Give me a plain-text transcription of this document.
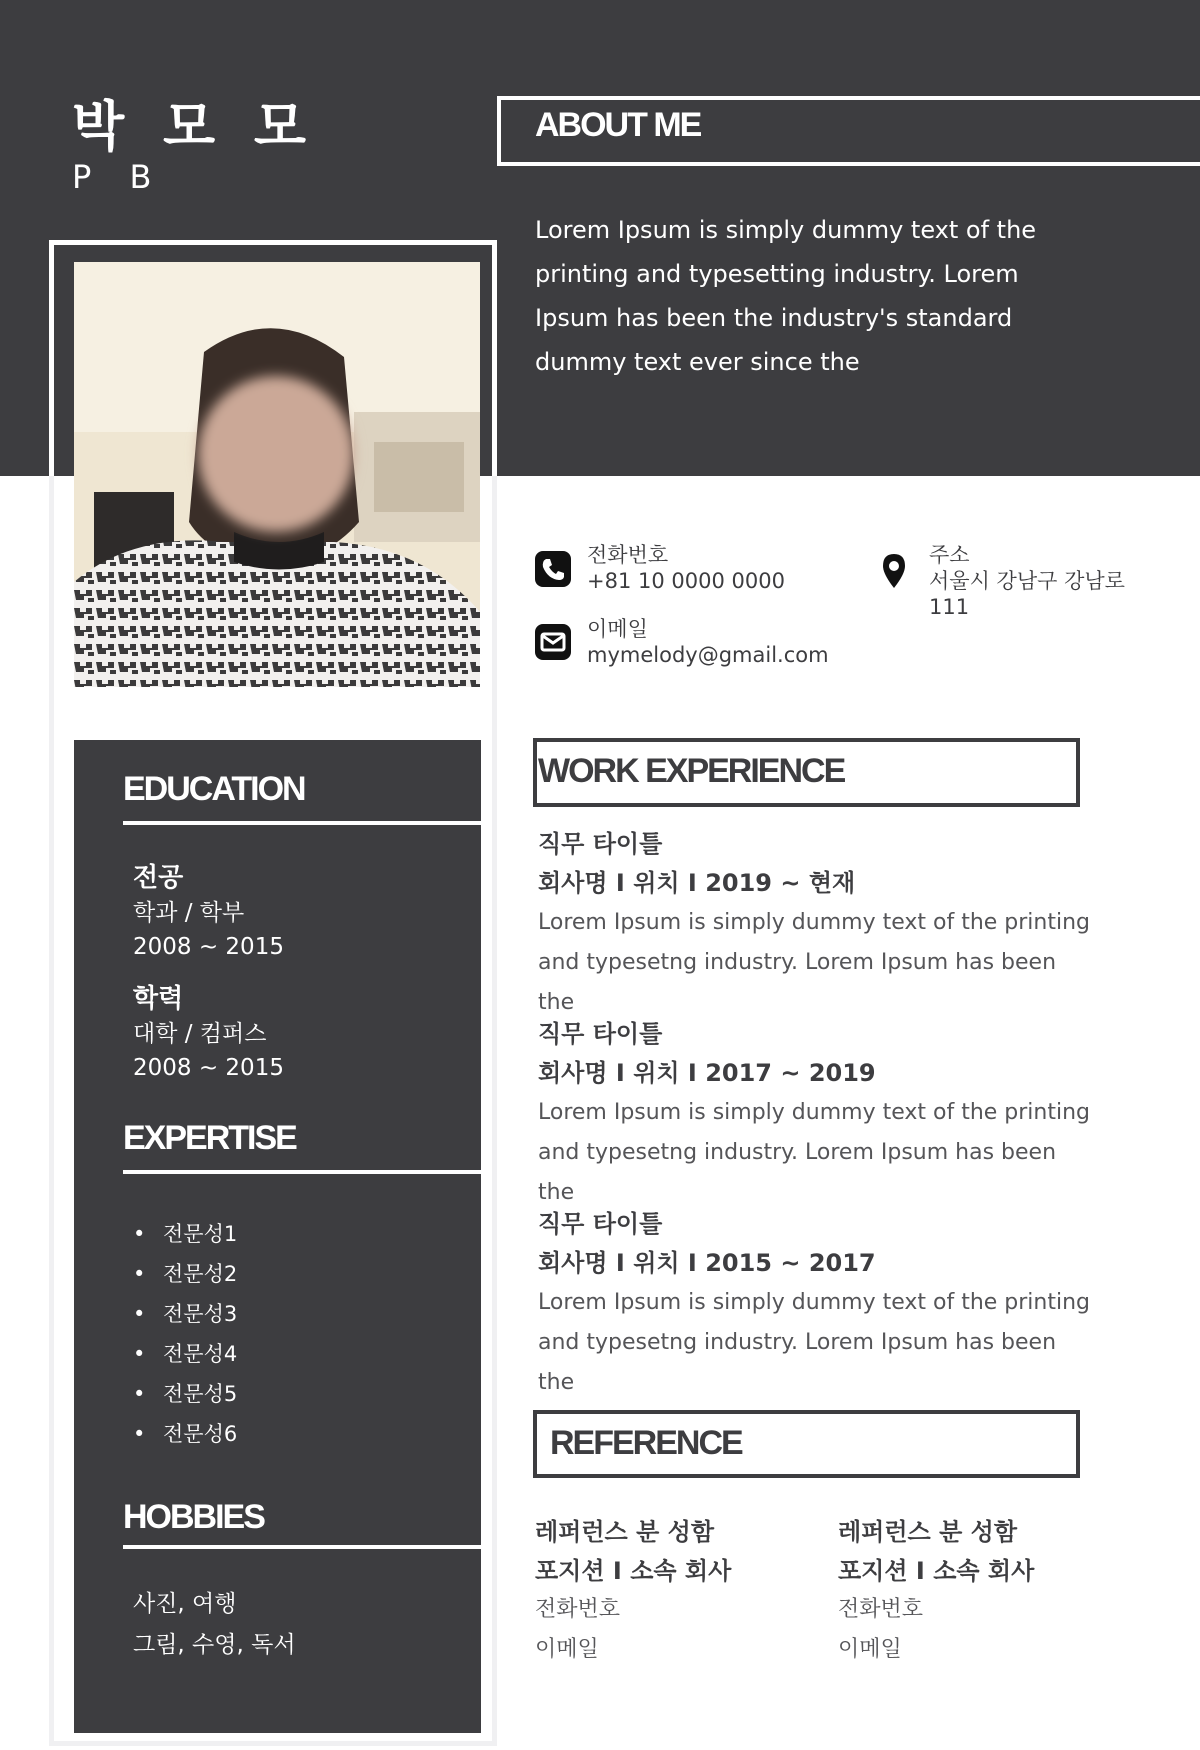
박 모 모
P B
ABOUT ME
Lorem Ipsum is simply dummy text of the printing and typesetting industry. Lorem Ipsum has been the industry's standard dummy text ever since the
EDUCATION

전공

학과 / 학부
2008 ~ 2015

학력

대학 / 컴퍼스
2008 ~ 2015
EXPERTISE
• 전문성1
• 전문성2
• 전문성3
• 전문성4
• 전문성5
• 전문성6
HOBBIES
사진, 여행
그림, 수영, 독서
전화번호
+81 10 0000 0000
이메일
mymelody@gmail.com
주소
서울시 강남구 강남로 111
WORK EXPERIENCE

직무 타이틀

회사명 I 위치 I 2019 ~ 현재
Lorem Ipsum is simply dummy text of the printing and typesetng industry. Lorem Ipsum has been the

직무 타이틀

회사명 I 위치 I 2017 ~ 2019
Lorem Ipsum is simply dummy text of the printing and typesetng industry. Lorem Ipsum has been the

직무 타이틀

회사명 I 위치 I 2015 ~ 2017
Lorem Ipsum is simply dummy text of the printing and typesetng industry. Lorem Ipsum has been the
REFERENCE
레퍼런스 분 성함
포지션 I 소속 회사
전화번호
이메일
레퍼런스 분 성함
포지션 I 소속 회사
전화번호
이메일
